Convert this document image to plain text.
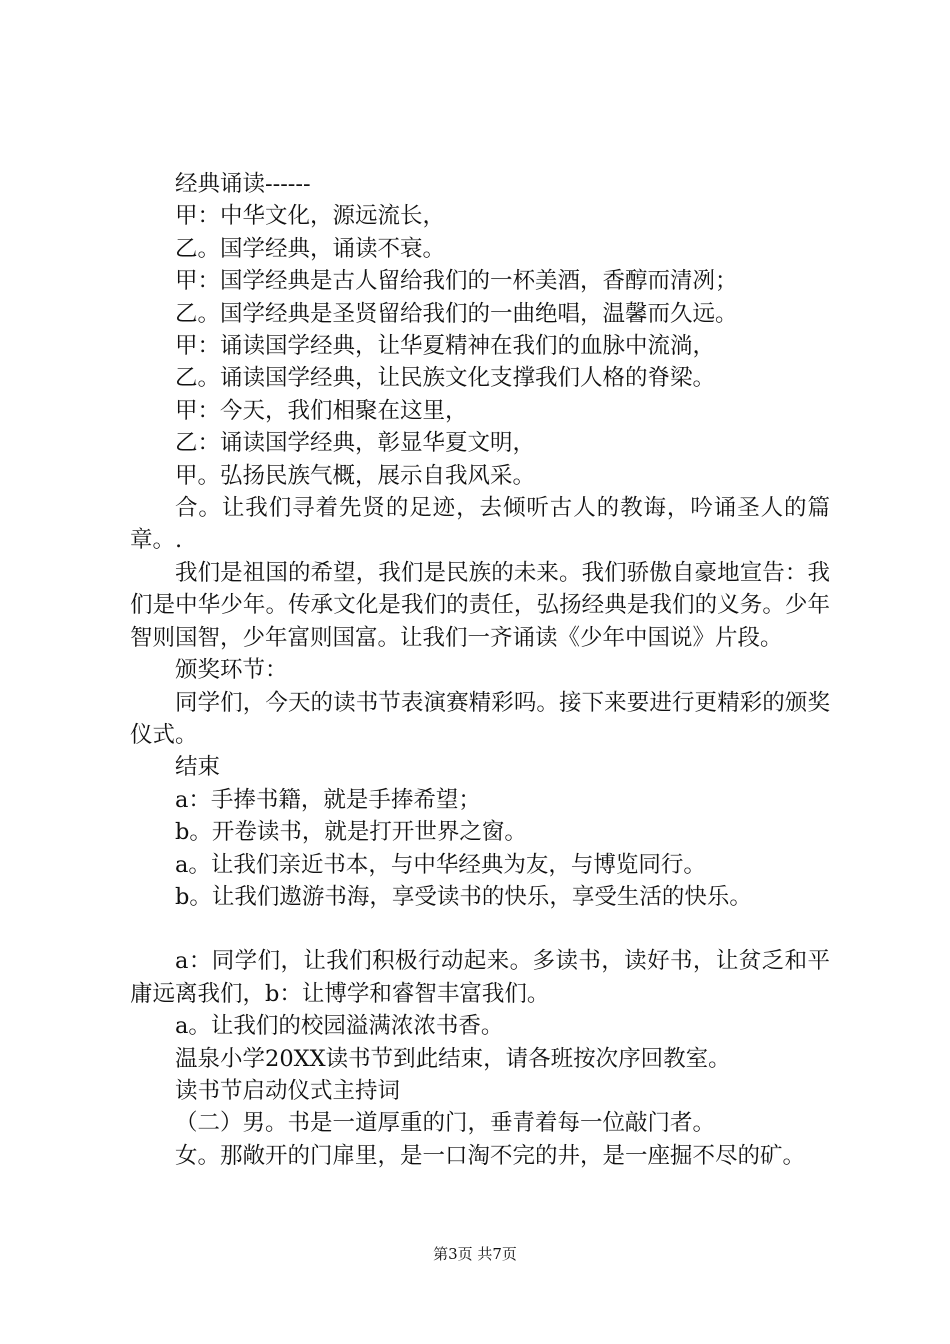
经典诵读------

甲：中华文化，源远流长，

乙。国学经典，诵读不衰。

甲：国学经典是古人留给我们的一杯美酒，香醇而清冽；

乙。国学经典是圣贤留给我们的一曲绝唱，温馨而久远。

甲：诵读国学经典，让华夏精神在我们的血脉中流淌，

乙。诵读国学经典，让民族文化支撑我们人格的脊梁。

甲：今天，我们相聚在这里，

乙：诵读国学经典，彰显华夏文明，

甲。弘扬民族气概，展示自我风采。

合。让我们寻着先贤的足迹，去倾听古人的教诲，吟诵圣人的篇章。.

我们是祖国的希望，我们是民族的未来。我们骄傲自豪地宣告：我们是中华少年。传承文化是我们的责任，弘扬经典是我们的义务。少年智则国智，少年富则国富。让我们一齐诵读《少年中国说》片段。

颁奖环节：

同学们，今天的读书节表演赛精彩吗。接下来要进行更精彩的颁奖仪式。

结束

a：手捧书籍，就是手捧希望；

b。开卷读书，就是打开世界之窗。

a。让我们亲近书本，与中华经典为友，与博览同行。

b。让我们遨游书海，享受读书的快乐，享受生活的快乐。

a：同学们，让我们积极行动起来。多读书，读好书，让贫乏和平庸远离我们，b：让博学和睿智丰富我们。

a。让我们的校园溢满浓浓书香。

温泉小学20XX读书节到此结束，请各班按次序回教室。

读书节启动仪式主持词

（二）男。书是一道厚重的门，垂青着每一位敲门者。

女。那敞开的门扉里，是一口淘不完的井，是一座掘不尽的矿。

第3页 共7页
